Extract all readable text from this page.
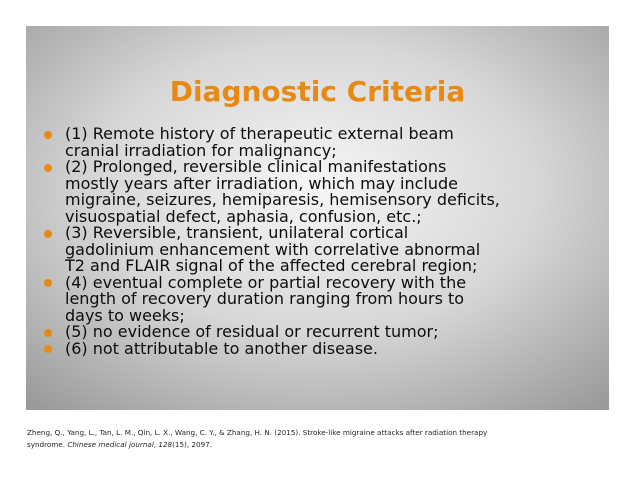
Diagnostic Criteria
(1) Remote history of therapeutic external beam
cranial irradiation for malignancy;
(2) Prolonged, reversible clinical manifestations
mostly years after irradiation, which may include
migraine, seizures, hemiparesis, hemisensory deficits,
visuospatial defect, aphasia, confusion, etc.;
(3) Reversible, transient, unilateral cortical
gadolinium enhancement with correlative abnormal
T2 and FLAIR signal of the affected cerebral region;
(4) eventual complete or partial recovery with the
length of recovery duration ranging from hours to
days to weeks;
(5) no evidence of residual or recurrent tumor;
(6) not attributable to another disease.

Zheng, Q., Yang, L., Tan, L. M., Qin, L. X., Wang, C. Y., & Zhang, H. N. (2015). Stroke-like migraine attacks after radiation therapy
syndrome. Chinese medical journal, 128(15), 2097.
